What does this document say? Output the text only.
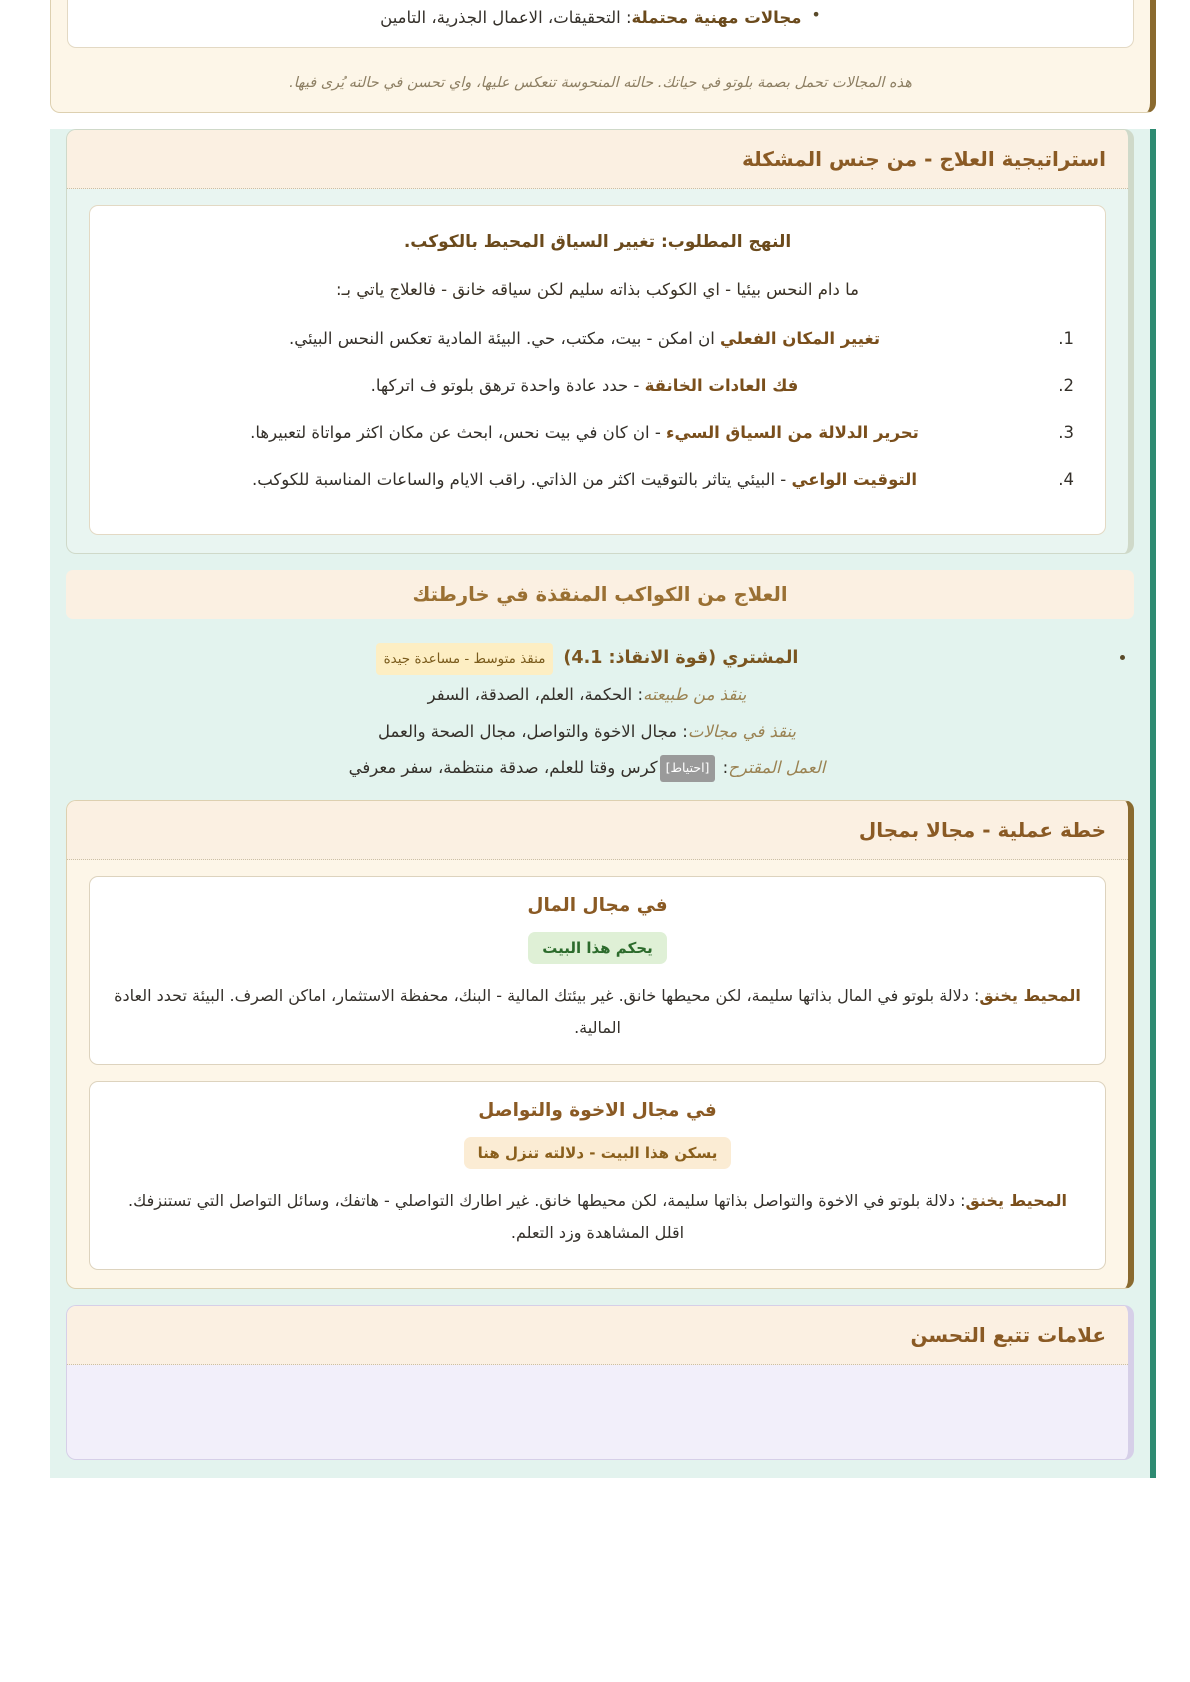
•

مجالات مهنية محتملة: التحقيقات، الاعمال الجذرية، التامين

هذه المجالات تحمل بصمة بلوتو في حياتك. حالته المنحوسة تنعكس عليها، واي تحسن في حالته يُرى فيها.

استراتيجية العلاج - من جنس المشكلة

النهج المطلوب: تغيير السياق المحيط بالكوكب.

ما دام النحس بيئيا - اي الكوكب بذاته سليم لكن سياقه خانق - فالعلاج ياتي بـ:

1. تغيير المكان الفعلي ان امكن - بيت، مكتب، حي. البيئة المادية تعكس النحس البيئي.
2. فك العادات الخانقة - حدد عادة واحدة ترهق بلوتو ف اتركها.
3. تحرير الدلالة من السياق السيء - ان كان في بيت نحس، ابحث عن مكان اكثر مواتاة لتعبيرها.
4. التوقيت الواعي - البيئي يتاثر بالتوقيت اكثر من الذاتي. راقب الايام والساعات المناسبة للكوكب.
العلاج من الكواكب المنقذة في خارطتك
• المشتري (قوة الانقاذ: 4.1)منقذ متوسط - مساعدة جيدة

ينقذ من طبيعته: الحكمة، العلم، الصدقة، السفر

ينقذ في مجالات: مجال الاخوة والتواصل، مجال الصحة والعمل

العمل المقترح: [احتياط]كرس وقتا للعلم، صدقة منتظمة، سفر معرفي

خطة عملية - مجالا بمجال
في مجال المال
يحكم هذا البيت

المحيط يخنق: دلالة بلوتو في المال بذاتها سليمة، لكن محيطها خانق. غير بيئتك المالية - البنك، محفظة الاستثمار، اماكن الصرف. البيئة تحدد العادة المالية.

في مجال الاخوة والتواصل
يسكن هذا البيت - دلالته تنزل هنا

المحيط يخنق: دلالة بلوتو في الاخوة والتواصل بذاتها سليمة، لكن محيطها خانق. غير اطارك التواصلي - هاتفك، وسائل التواصل التي تستنزفك. اقلل المشاهدة وزد التعلم.

علامات تتبع التحسن
